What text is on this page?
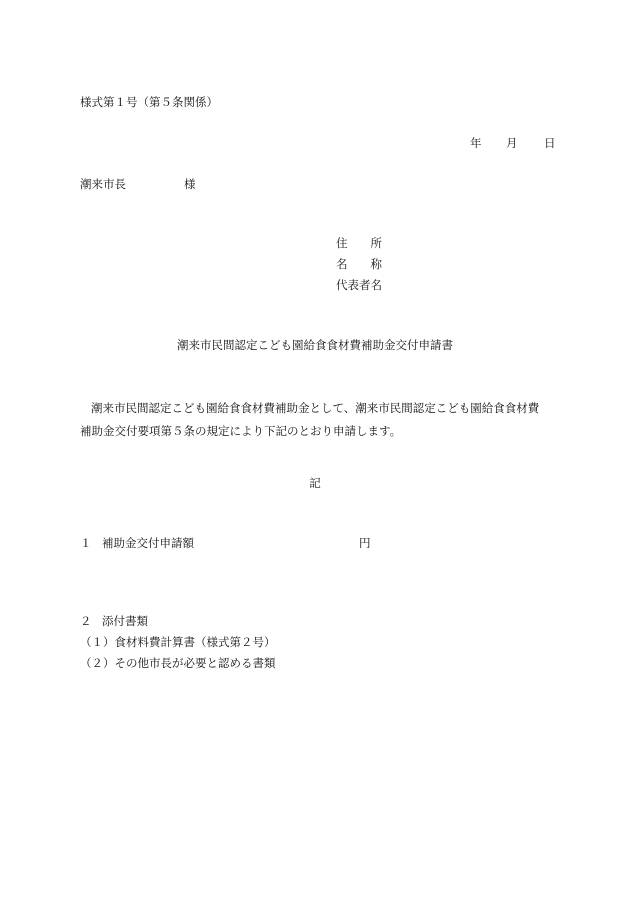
様式第１号（第５条関係）
年	月	日
潮来市長	様
住　　所
名　　称
代表者名
潮来市民間認定こども園給食食材費補助金交付申請書
潮来市民間認定こども園給食食材費補助金として、潮来市民間認定こども園給食食材費補助金交付要項第５条の規定により下記のとおり申請します。
記
１ 補助金交付申請額	円
２ 添付書類
（１）食材料費計算書（様式第２号）
（２）その他市長が必要と認める書類
